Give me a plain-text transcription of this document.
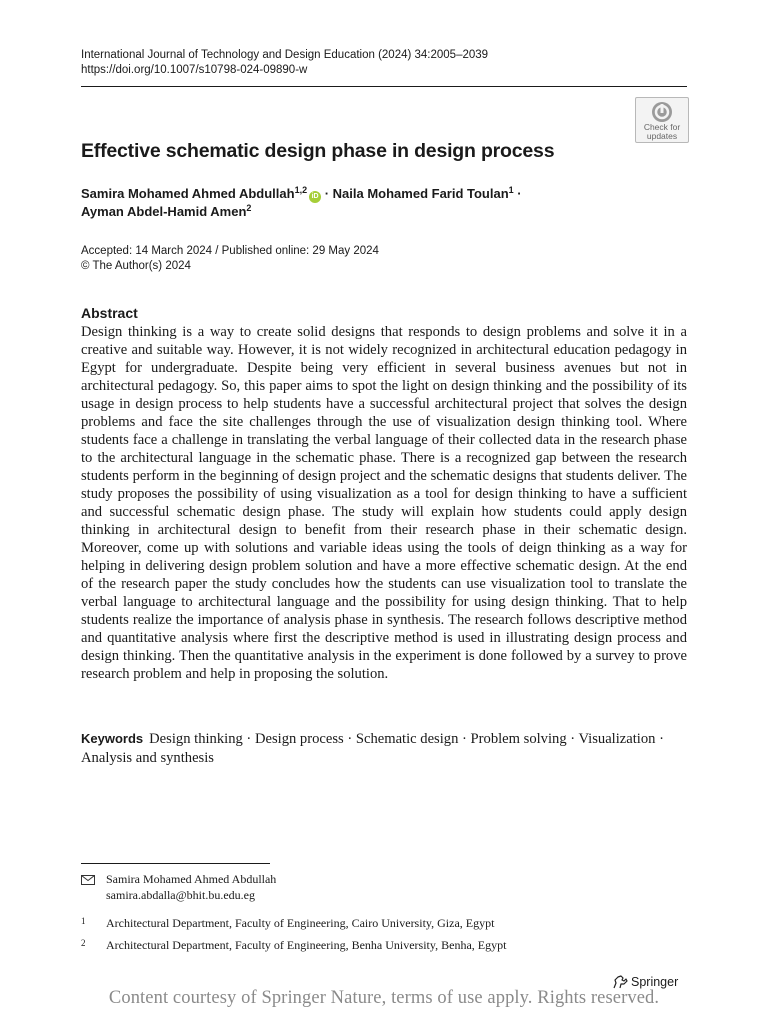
International Journal of Technology and Design Education (2024) 34:2005–2039
https://doi.org/10.1007/s10798-024-09890-w
Check for
updates
Effective schematic design phase in design process
Samira Mohamed Ahmed Abdullah$^{1,2}$iD · Naila Mohamed Farid Toulan$^1$ ·
Ayman Abdel-Hamid Amen$^2$
Accepted: 14 March 2024 / Published online: 29 May 2024
© The Author(s) 2024
Abstract

Design thinking is a way to create solid designs that responds to design problems and solve it in a creative and suitable way. However, it is not widely recognized in architectural education pedagogy in Egypt for undergraduate. Despite being very efficient in several business avenues but not in architectural pedagogy. So, this paper aims to spot the light on design thinking and the possibility of its usage in design process to help students have a successful architectural project that solves the design problems and face the site challenges through the use of visualization design thinking tool. Where students face a challenge in translating the verbal language of their collected data in the research phase to the architectural language in the schematic phase. There is a recognized gap between the research students perform in the beginning of design project and the schematic designs that students deliver. The study proposes the possibility of using visualization as a tool for design thinking to have a sufficient and successful schematic design phase. The study will explain how students could apply design thinking in architectural design to benefit from their research phase in their schematic design. Moreover, come up with solutions and variable ideas using the tools of deign thinking as a way for helping in delivering design problem solution and have a more effective schematic design. At the end of the research paper the study concludes how the students can use visualization tool to translate the verbal language to architectural language and the possibility for using design thinking. That to help students realize the importance of analysis phase in synthesis. The research follows descriptive method and quantitative analysis where first the descriptive method is used in illustrating design process and design thinking. Then the quantitative analysis in the experiment is done followed by a survey to prove research problem and help in proposing the solution.

Keywords Design thinking · Design process · Schematic design · Problem solving · Visualization · Analysis and synthesis
Samira Mohamed Ahmed Abdullah
samira.abdalla@bhit.bu.edu.eg
1 Architectural Department, Faculty of Engineering, Cairo University, Giza, Egypt
2 Architectural Department, Faculty of Engineering, Benha University, Benha, Egypt
Springer
Content courtesy of Springer Nature, terms of use apply. Rights reserved.
